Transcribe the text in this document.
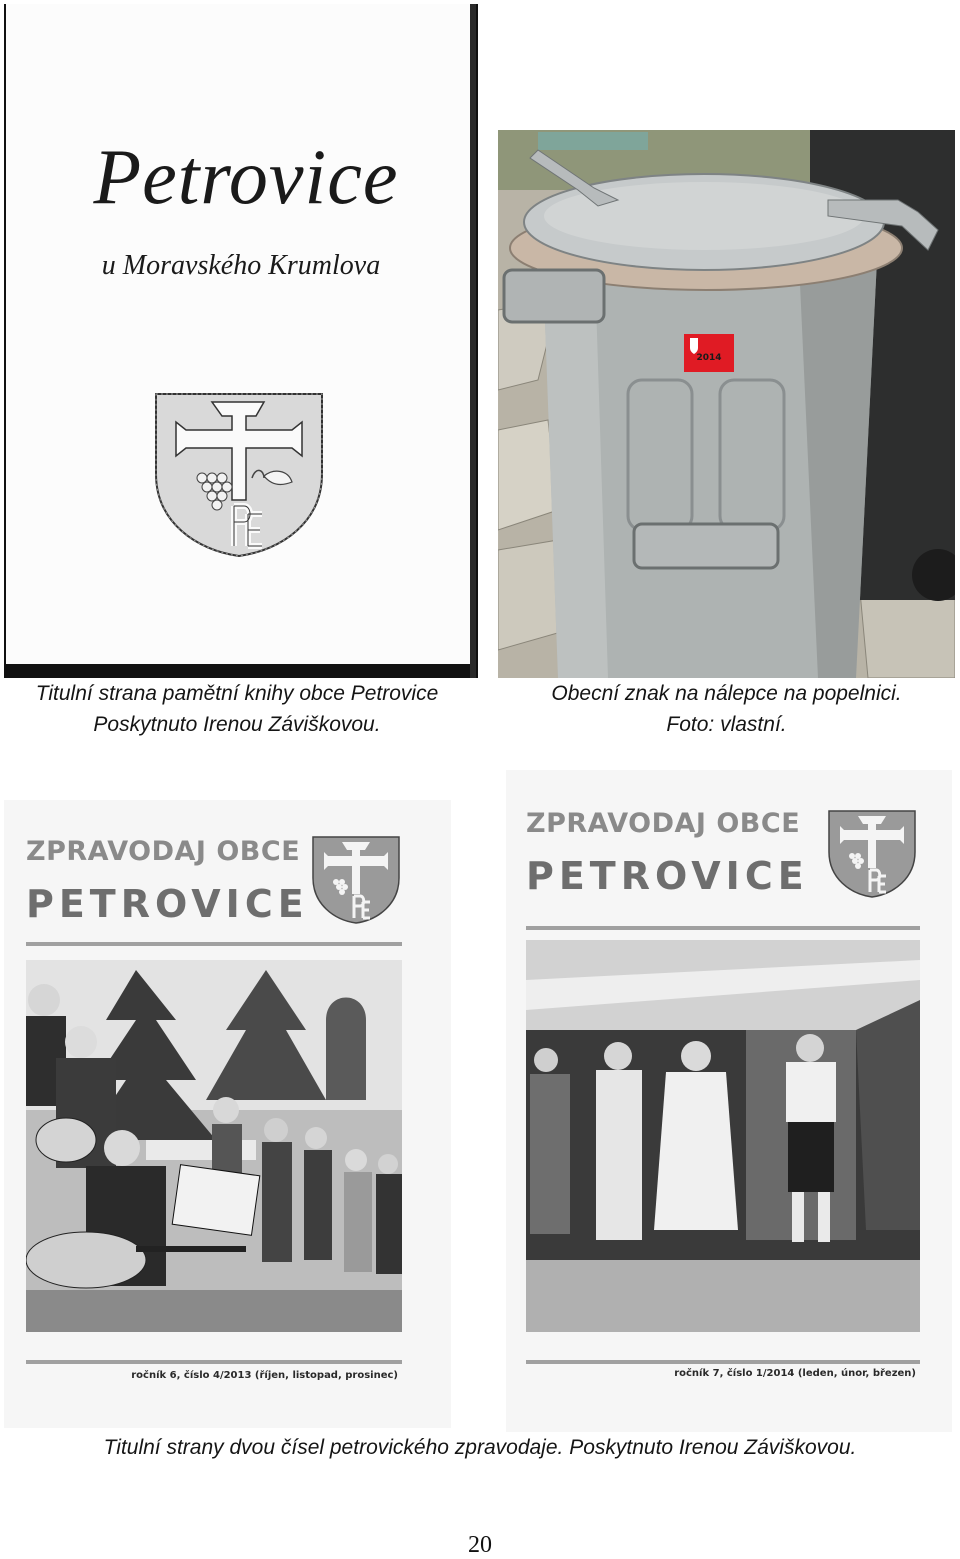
Petrovice
u Moravského Krumlova
2014
Titulní strana pamětní knihy obce Petrovice
Poskytnuto Irenou Záviškovou.
Obecní znak na nálepce na popelnici.
Foto: vlastní.
ZPRAVODAJ OBCE
PETROVICE
ročník 6, číslo 4/2013 (říjen, listopad, prosinec)
ZPRAVODAJ OBCE
PETROVICE
ročník 7, číslo 1/2014 (leden, únor, březen)
Titulní strany dvou čísel petrovického zpravodaje. Poskytnuto Irenou Záviškovou.
20
